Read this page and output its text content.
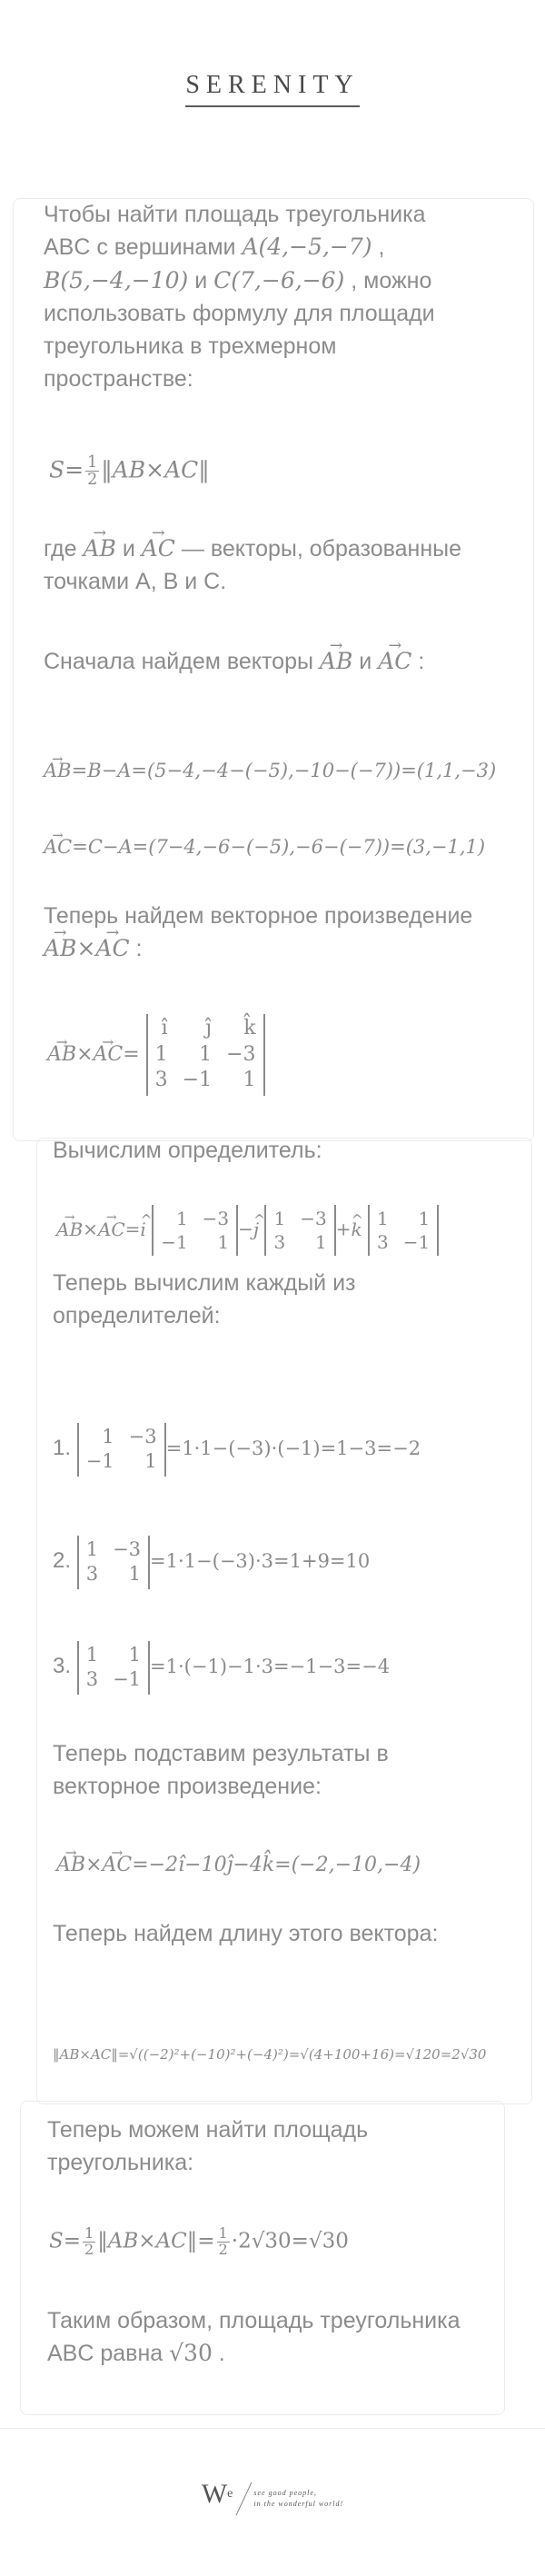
SERENITY
Чтобы найти площадь треугольника
ABC с вершинами A(4,−5,−7) ,
B(5,−4,−10) и C(7,−6,−6) , можно
использовать формулу для площади
треугольника в трехмерном
пространстве:
$S= \frac{1}{2}$ ‖AB×AC‖
где → AB и → AC — векторы, образованные
точками A, B и C.
Сначала найдем векторы → AB и → AC :
→ AB=B−A=(5−4,−4−(−5),−10−(−7))=(1,1,−3)
→ AC=C−A=(7−4,−6−(−5),−6−(−7))=(3,−1,1)
Теперь найдем векторное произведение
→ AB×→ AC :
→ AB×→ AC=
î	ĵ	k̂
1	1 −3
3 −1	1
Вычислим определитель:
→ AB×→ AC=^ i	1 −3
−1	1
−^ j 1 −3
3	1
+^ k 1	1
3 −1
Теперь вычислим каждый из
определителей:
1.	1 −3
−1	1
=1·1−(−3)·(−1)=1−3=−2
2. 1 −3
3	1
=1·1−(−3)·3=1+9=10
3. 1	1
3 −1
=1·(−1)−1·3=−1−3=−4
Теперь подставим результаты в
векторное произведение:
→ AB×→ AC=−2î−10ĵ−4k̂=(−2,−10,−4)
Теперь найдем длину этого вектора:
‖AB×AC‖=√((−2)²+(−10)²+(−4)²)=√(4+100+16)=√120=2√30
Теперь можем найти площадь
треугольника:
$S= \frac{1}{2}$ ‖AB×AC‖= $\frac{1}{2} \cdot 2√30=√30$
Таким образом, площадь треугольника
ABC равна √30 .
We	see good people,
in the wonderful world!
